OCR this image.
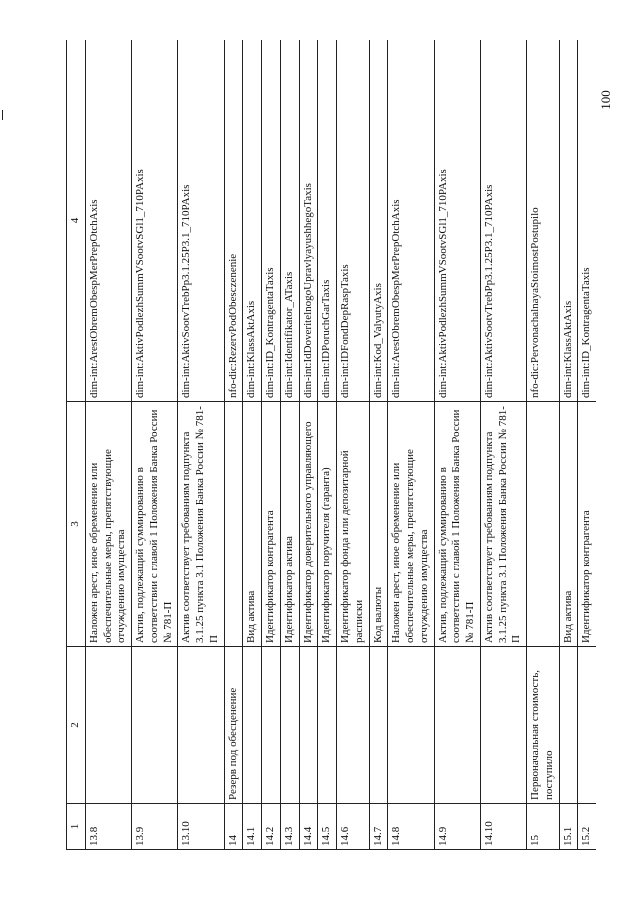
100
1	2	3	4
13.8		Наложен арест, иное обременение или обеспечительные меры, препятствующие отчуждению имущества	dim-int:ArestObremObespMerPrepOtchAxis
13.9		Актив, подлежащий суммированию в соответствии с главой 1 Положения Банка России № 781-П	dim-int:AktivPodlezhSummVSootvSGl1_710PAxis
13.10		Актив соответствует требованиям подпункта 3.1.25 пункта 3.1 Положения Банка России № 781-П	dim-int:AktivSootvTrebPp3.1.25P3.1_710PAxis
14	Резерв под обесценение		nfo-dic:RezervPodObesczenenie
14.1		Вид актива	dim-int:KlassAktAxis
14.2		Идентификатор контрагента	dim-int:ID_KontragentaTaxis
14.3		Идентификатор актива	dim-int:Identifikator_ATaxis
14.4		Идентификатор доверительного управляющего	dim-int:IdDoveritelnogoUpravlyayushhegoTaxis
14.5		Идентификатор поручителя (гаранта)	dim-int:IDPoruchGarTaxis
14.6		Идентификатор фонда или депозитарной расписки	dim-int:IDFondDepRaspTaxis
14.7		Код валюты	dim-int:Kod_ValyutyAxis
14.8		Наложен арест, иное обременение или обеспечительные меры, препятствующие отчуждению имущества	dim-int:ArestObremObespMerPrepOtchAxis
14.9		Актив, подлежащий суммированию в соответствии с главой 1 Положения Банка России № 781-П	dim-int:AktivPodlezhSummVSootvSGl1_710PAxis
14.10		Актив соответствует требованиям подпункта 3.1.25 пункта 3.1 Положения Банка России № 781-П	dim-int:AktivSootvTrebPp3.1.25P3.1_710PAxis
15	Первоначальная стоимость, поступило		nfo-dic:PervonachalnayaStoimostPostupilo
15.1		Вид актива	dim-int:KlassAktAxis
15.2		Идентификатор контрагента	dim-int:ID_KontragentaTaxis
